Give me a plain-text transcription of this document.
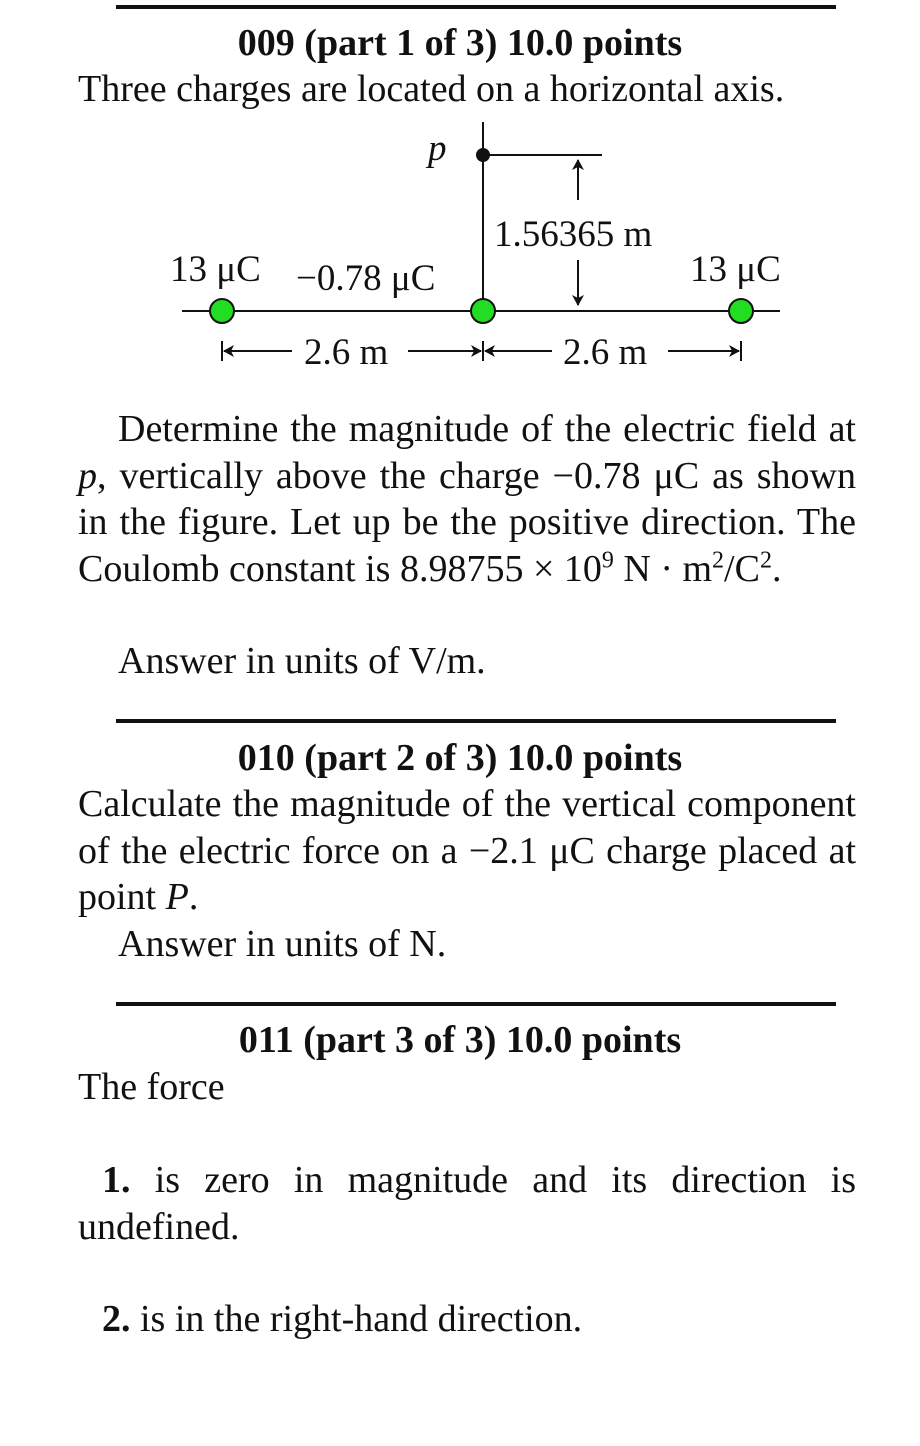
009 (part 1 of 3) 10.0 points
Three charges are located on a horizontal axis.
p
1.56365 m
13 μC −0.78 μC	13 μC
2.6 m	2.6 m
Determine the magnitude of the electric field at p, vertically above the charge −0.78 μC as shown in the figure. Let up be the positive direction. The Coulomb constant is $8.98755 \times 10^9$ $N \cdot m^2/C^2$.
Answer in units of V/m.
010 (part 2 of 3) 10.0 points
Calculate the magnitude of the vertical component of the electric force on a −2.1 μC charge placed at point P.
Answer in units of N.
011 (part 3 of 3) 10.0 points
The force
1. is zero in magnitude and its direction is undefined.
2. is in the right-hand direction.
